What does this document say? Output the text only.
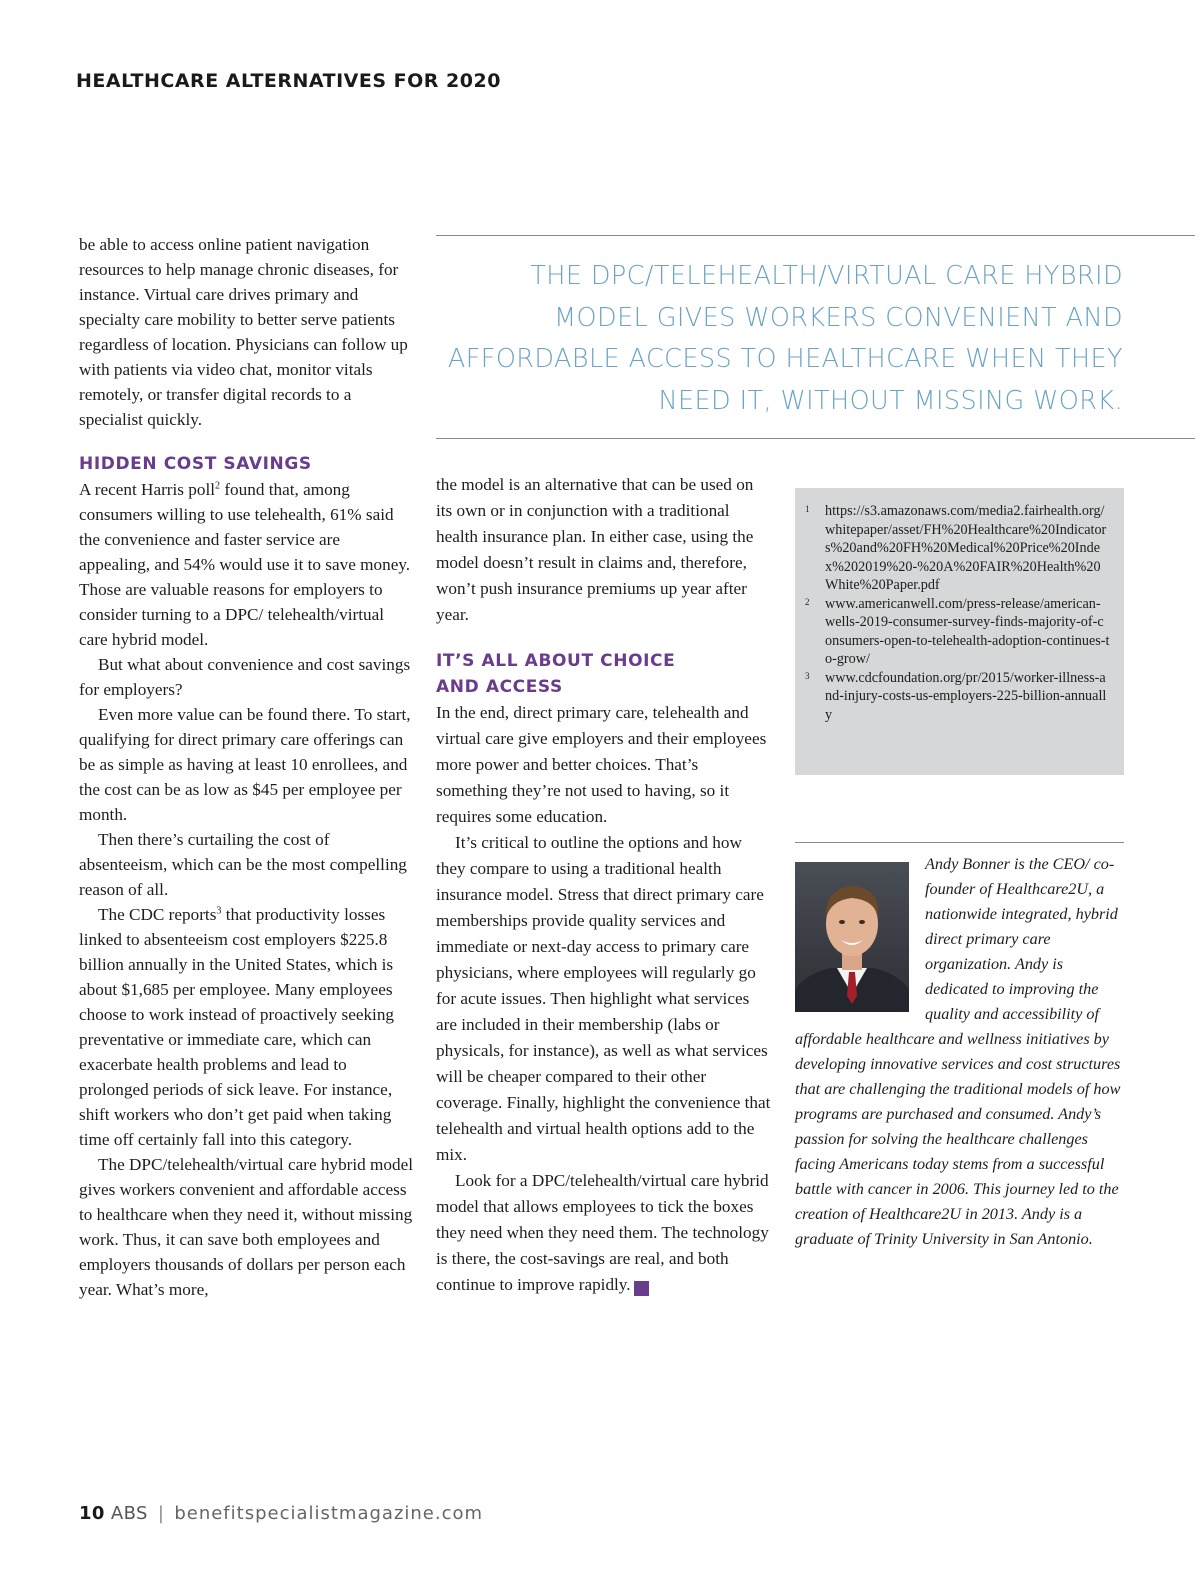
HEALTHCARE ALTERNATIVES FOR 2020

THE DPC/TELEHEALTH/VIRTUAL CARE HYBRID MODEL GIVES WORKERS CONVENIENT AND AFFORDABLE ACCESS TO HEALTHCARE WHEN THEY NEED IT, WITHOUT MISSING WORK.

be able to access online patient navigation resources to help manage chronic diseases, for instance. Virtual care drives primary and specialty care mobility to better serve patients regardless of location. Physicians can follow up with patients via video chat, monitor vitals remotely, or transfer digital records to a specialist quickly.

HIDDEN COST SAVINGS

A recent Harris poll$^2$ found that, among consumers willing to use telehealth, 61% said the convenience and faster service are appealing, and 54% would use it to save money. Those are valuable reasons for employers to consider turning to a DPC/ telehealth/virtual care hybrid model.

But what about convenience and cost savings for employers?

Even more value can be found there. To start, qualifying for direct primary care offerings can be as simple as having at least 10 enrollees, and the cost can be as low as $45 per employee per month.

Then there’s curtailing the cost of absenteeism, which can be the most compelling reason of all.

The CDC reports$^3$ that productivity losses linked to absenteeism cost employers $225.8 billion annually in the United States, which is about $1,685 per employee. Many employees choose to work instead of proactively seeking preventative or immediate care, which can exacerbate health problems and lead to prolonged periods of sick leave. For instance, shift workers who don’t get paid when taking time off certainly fall into this category.

The DPC/telehealth/virtual care hybrid model gives workers convenient and affordable access to healthcare when they need it, without missing work. Thus, it can save both employees and employers thousands of dollars per person each year. What’s more,

the model is an alternative that can be used on its own or in conjunction with a traditional health insurance plan. In either case, using the model doesn’t result in claims and, therefore, won’t push insurance premiums up year after year.

IT’S ALL ABOUT CHOICE
AND ACCESS

In the end, direct primary care, telehealth and virtual care give employers and their employees more power and better choices. That’s something they’re not used to having, so it requires some education.

It’s critical to outline the options and how they compare to using a traditional health insurance model. Stress that direct primary care memberships provide quality services and immediate or next-day access to primary care physicians, where employees will regularly go for acute issues. Then highlight what services are included in their membership (labs or physicals, for instance), as well as what services will be cheaper compared to their other coverage. Finally, highlight the convenience that telehealth and virtual health options add to the mix.

Look for a DPC/telehealth/virtual care hybrid model that allows employees to tick the boxes they need when they need them. The technology is there, the cost-savings are real, and both continue to improve rapidly.	ABS

1	https://s3.amazonaws.com/media2.fairhealth.org/whitepaper/asset/FH%20Healthcare%20Indicators%20and%20FH%20Medical%20Price%20Index%202019%20-%20A%20FAIR%20Health%20White%20Paper.pdf
2	www.americanwell.com/press-release/american-wells-2019-consumer-survey-finds-majority-of-consumers-open-to-telehealth-adoption-continues-to-grow/
3	www.cdcfoundation.org/pr/2015/worker-illness-and-injury-costs-us-employers-225-billion-annually

Andy Bonner is the CEO/ co-founder of Healthcare2U, a nationwide integrated, hybrid direct primary care organization. Andy is dedicated to improving the quality and accessibility of affordable healthcare and wellness initiatives by developing innovative services and cost structures that are challenging the traditional models of how programs are purchased and consumed. Andy’s passion for solving the healthcare challenges facing Americans today stems from a successful battle with cancer in 2006. This journey led to the creation of Healthcare2U in 2013. Andy is a graduate of Trinity University in San Antonio.

10 ABS | benefitspecialistmagazine.com
